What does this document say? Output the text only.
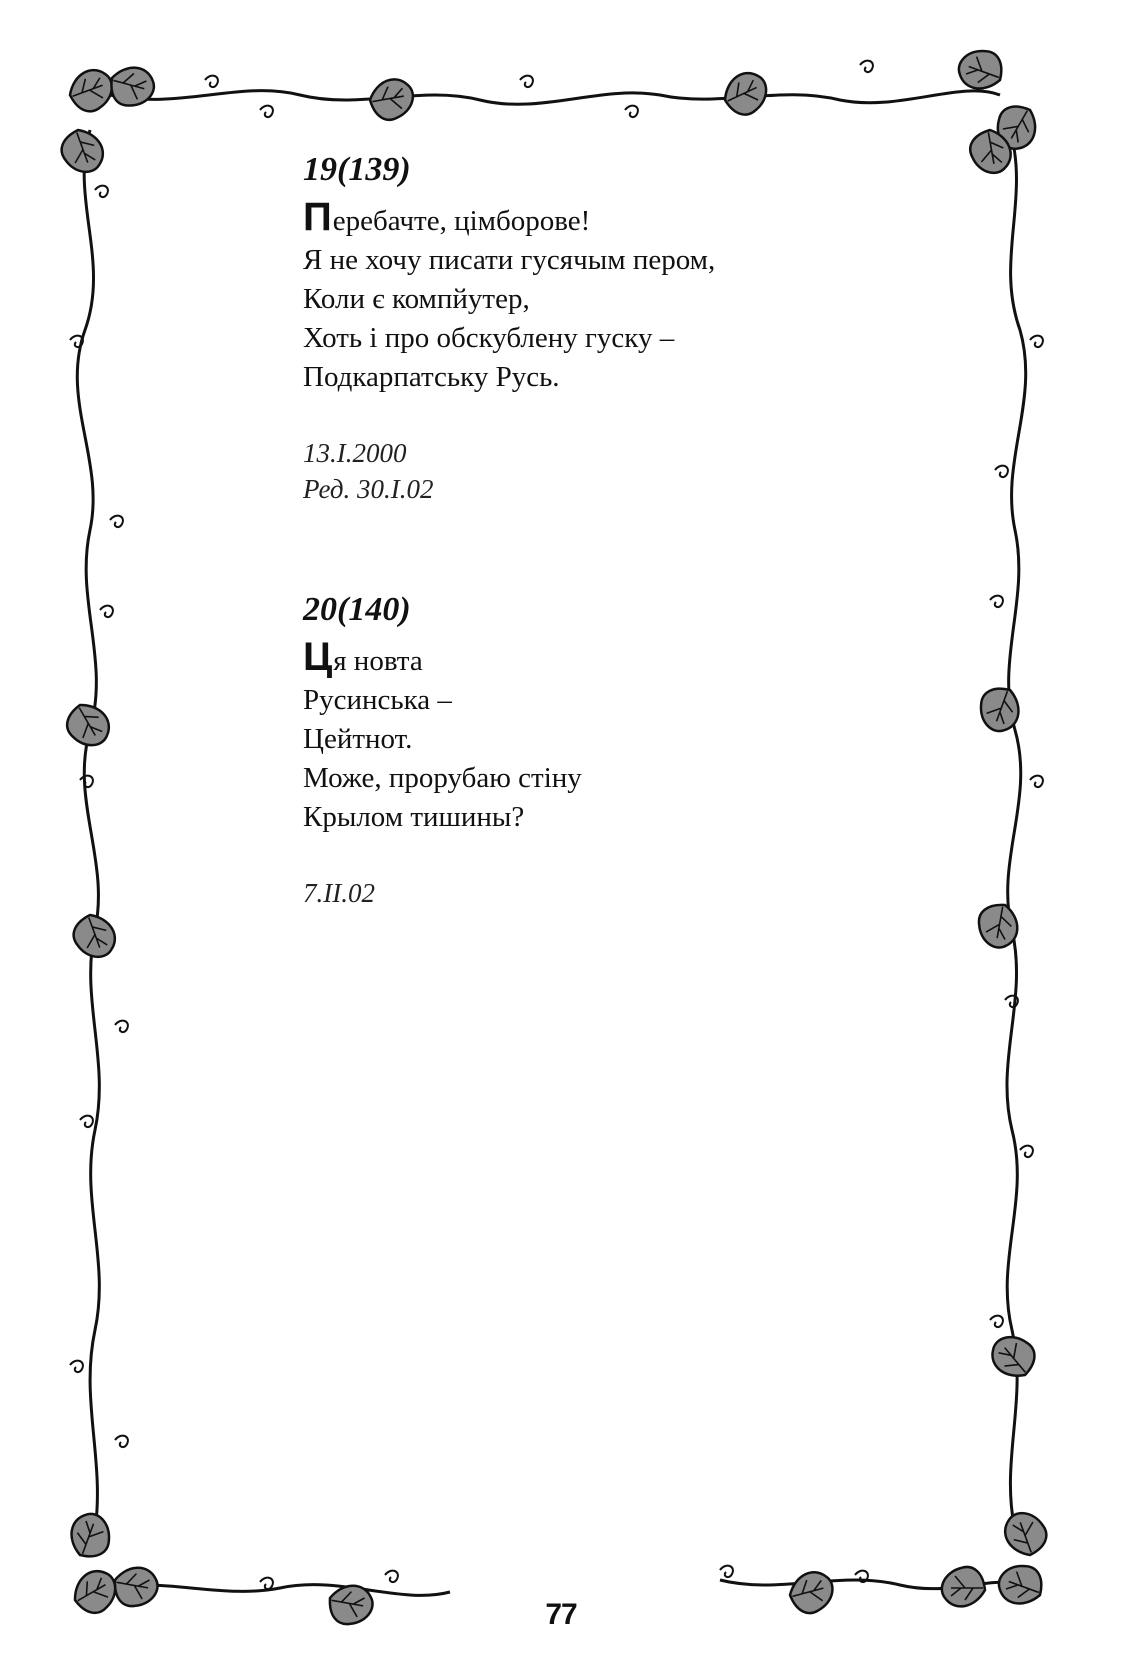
19(139)
Перебачте, цімборове!
Я не хочу писати гусячым пером,
Коли є компйутер,
Хоть і про обскублену гуску –
Подкарпатську Русь.
13.І.2000
Ред. 30.І.02
20(140)
Ця новта
Русинська –
Цейтнот.
Може, прорубаю стіну
Крылом тишины?
7.ІІ.02
77
